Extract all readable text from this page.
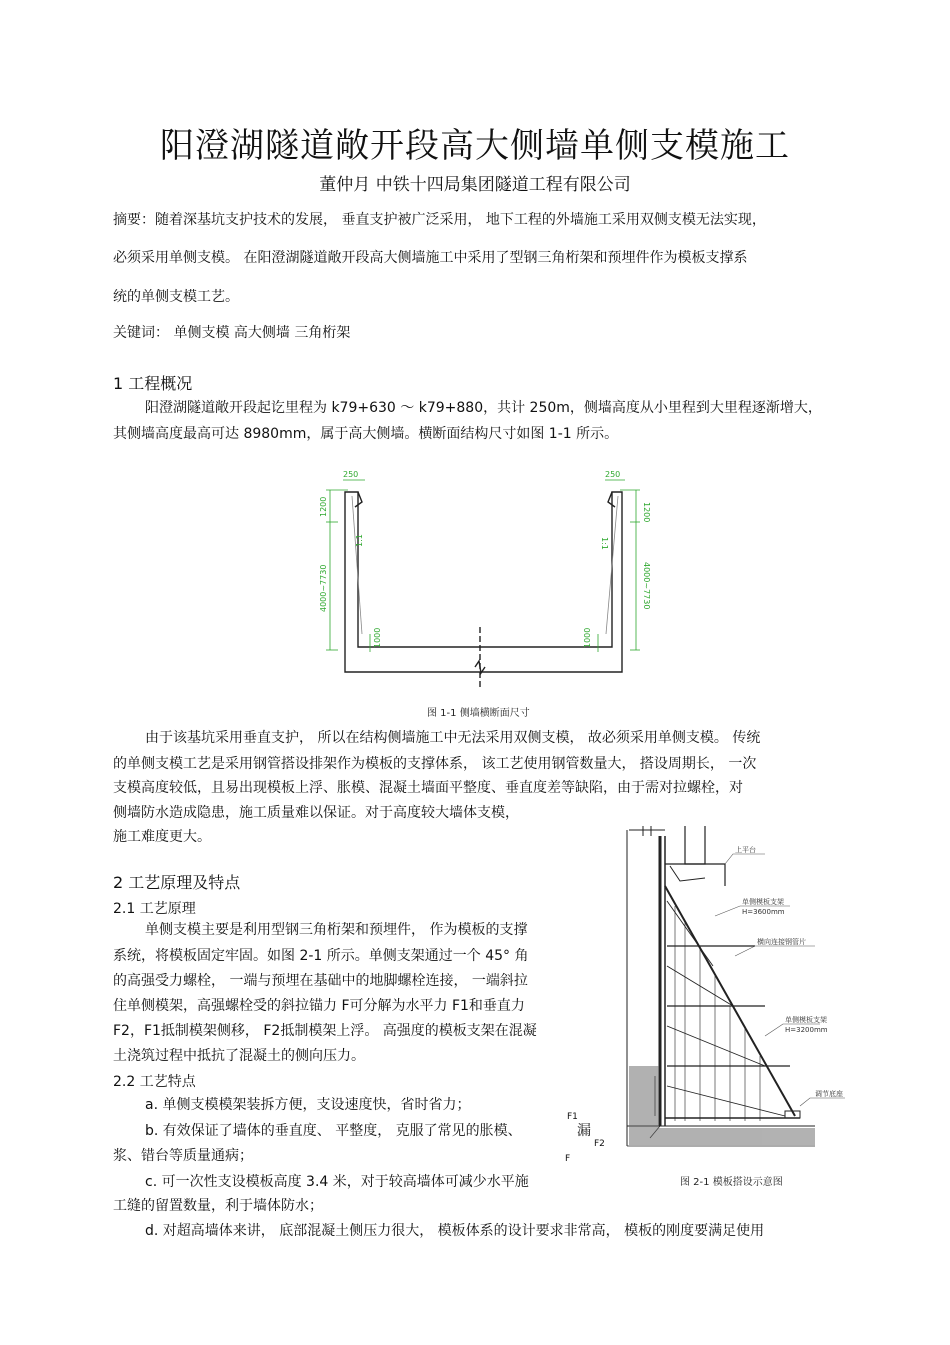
阳澄湖隧道敞开段高大侧墙单侧支模施工
董仲月 中铁十四局集团隧道工程有限公司
摘要：随着深基坑支护技术的发展， 垂直支护被广泛采用， 地下工程的外墙施工采用双侧支模无法实现，
必须采用单侧支模。 在阳澄湖隧道敞开段高大侧墙施工中采用了型钢三角桁架和预埋件作为模板支撑系
统的单侧支模工艺。
关键词： 单侧支模 高大侧墙 三角桁架
1 工程概况
阳澄湖隧道敞开段起讫里程为 k79+630 ～ k79+880，共计 250m，侧墙高度从小里程到大里程逐渐增大，
其侧墙高度最高可达 8980mm，属于高大侧墙。横断面结构尺寸如图 1-1 所示。
250	250
1200
4000~7730
1:1
1200
4000~7730
1:1
1000	1000
图 1-1 侧墙横断面尺寸
由于该基坑采用垂直支护， 所以在结构侧墙施工中无法采用双侧支模， 故必须采用单侧支模。 传统
的单侧支模工艺是采用钢管搭设排架作为模板的支撑体系， 该工艺使用钢管数量大， 搭设周期长， 一次
支模高度较低，且易出现模板上浮、胀模、混凝土墙面平整度、垂直度差等缺陷，由于需对拉螺栓，对
侧墙防水造成隐患，施工质量难以保证。对于高度较大墙体支模，
施工难度更大。
2 工艺原理及特点
2.1 工艺原理
单侧支模主要是利用型钢三角桁架和预埋件， 作为模板的支撑
系统，将模板固定牢固。如图 2-1 所示。单侧支架通过一个 45° 角
的高强受力螺栓， 一端与预埋在基础中的地脚螺栓连接， 一端斜拉
住单侧模架，高强螺栓受的斜拉锚力 F可分解为水平力 F1和垂直力
F2，F1抵制模架侧移， F2抵制模架上浮。 高强度的模板支架在混凝
土浇筑过程中抵抗了混凝土的侧向压力。
2.2 工艺特点
a. 单侧支模模架装拆方便，支设速度快，省时省力；
b. 有效保证了墙体的垂直度、 平整度， 克服了常见的胀模、	漏
浆、错台等质量通病；
F1
F2
F
c. 可一次性支设模板高度 3.4 米，对于较高墙体可减少水平施
工缝的留置数量，利于墙体防水；
d. 对超高墙体来讲， 底部混凝土侧压力很大， 模板体系的设计要求非常高， 模板的刚度要满足使用
上平台
单侧模板支架
H=3600mm
横向连接钢管片
单侧模板支架
H=3200mm
调节底座
图 2-1 模板搭设示意图
